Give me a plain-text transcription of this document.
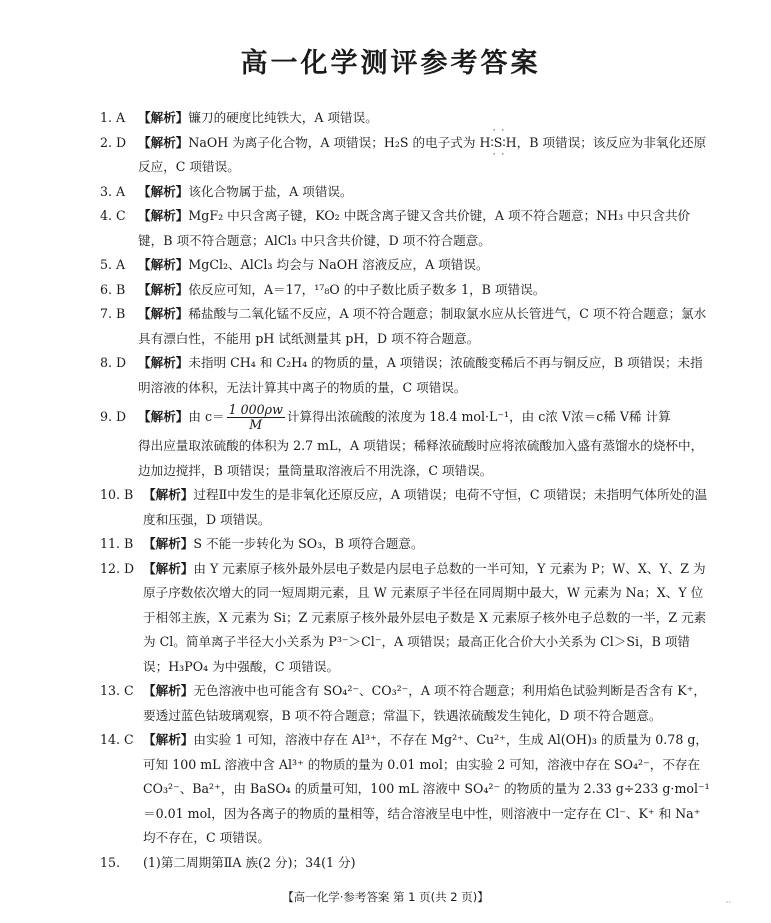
高一化学测评参考答案
1. A	【解析】镰刀的硬度比纯铁大，A 项错误。
2. D 【解析】NaOH 为离子化合物，A 项错误；H₂S 的电子式为 H∶· · S · ·∶H，B 项错误；该反应为非氧化还原反应，C 项错误。
3. A	【解析】该化合物属于盐，A 项错误。
4. C 【解析】MgF₂ 中只含离子键，KO₂ 中既含离子键又含共价键，A 项不符合题意；NH₃ 中只含共价键，B 项不符合题意；AlCl₃ 中只含共价键，D 项不符合题意。
5. A	【解析】MgCl₂、AlCl₃ 均会与 NaOH 溶液反应，A 项错误。
6. B	【解析】依反应可知，A＝17，¹⁷₈O 的中子数比质子数多 1，B 项错误。
7. B	【解析】稀盐酸与二氧化锰不反应，A 项不符合题意；制取氯水应从长管进气，C 项不符合题意；氯水具有漂白性，不能用 pH 试纸测量其 pH，D 项不符合题意。
8. D 【解析】未指明 CH₄ 和 C₂H₄ 的物质的量，A 项错误；浓硫酸变稀后不再与铜反应，B 项错误；未指明溶液的体积，无法计算其中离子的物质的量，C 项错误。
9. D 【解析】由 $c= \frac{1 000\rho w}{M}$ 计算得出浓硫酸的浓度为 18.4 mol·L⁻¹，由 c浓 V浓＝c稀 V稀 计算
得出应量取浓硫酸的体积为 2.7 mL，A 项错误；稀释浓硫酸时应将浓硫酸加入盛有蒸馏水的烧杯中，边加边搅拌，B 项错误；量筒量取溶液后不用洗涤，C 项错误。
10. B 【解析】过程Ⅱ中发生的是非氧化还原反应，A 项错误；电荷不守恒，C 项错误；未指明气体所处的温度和压强，D 项错误。
11. B 【解析】S 不能一步转化为 SO₃，B 项符合题意。
12. D 【解析】由 Y 元素原子核外最外层电子数是内层电子总数的一半可知，Y 元素为 P；W、X、Y、Z 为原子序数依次增大的同一短周期元素，且 W 元素原子半径在同周期中最大，W 元素为 Na；X、Y 位于相邻主族，X 元素为 Si；Z 元素原子核外最外层电子数是 X 元素原子核外电子总数的一半，Z 元素为 Cl。简单离子半径大小关系为 P³⁻＞Cl⁻，A 项错误；最高正化合价大小关系为 Cl＞Si，B 项错误；H₃PO₄ 为中强酸，C 项错误。
13. C 【解析】无色溶液中也可能含有 SO₄²⁻、CO₃²⁻，A 项不符合题意；利用焰色试验判断是否含有 K⁺，要透过蓝色钴玻璃观察，B 项不符合题意；常温下，铁遇浓硫酸发生钝化，D 项不符合题意。
14. C 【解析】由实验 1 可知，溶液中存在 Al³⁺，不存在 Mg²⁺、Cu²⁺，生成 Al(OH)₃ 的质量为 0.78 g，可知 100 mL 溶液中含 Al³⁺ 的物质的量为 0.01 mol；由实验 2 可知，溶液中存在 SO₄²⁻，不存在 CO₃²⁻、Ba²⁺，由 BaSO₄ 的质量可知，100 mL 溶液中 SO₄²⁻ 的物质的量为 2.33 g÷233 g·mol⁻¹＝0.01 mol，因为各离子的物质的量相等，结合溶液呈电中性，则溶液中一定存在 Cl⁻、K⁺ 和 Na⁺ 均不存在，C 项错误。
15.	(1)第二周期第ⅡA 族(2 分)；34(1 分)
【高一化学·参考答案 第 1 页(共 2 页)】	··
